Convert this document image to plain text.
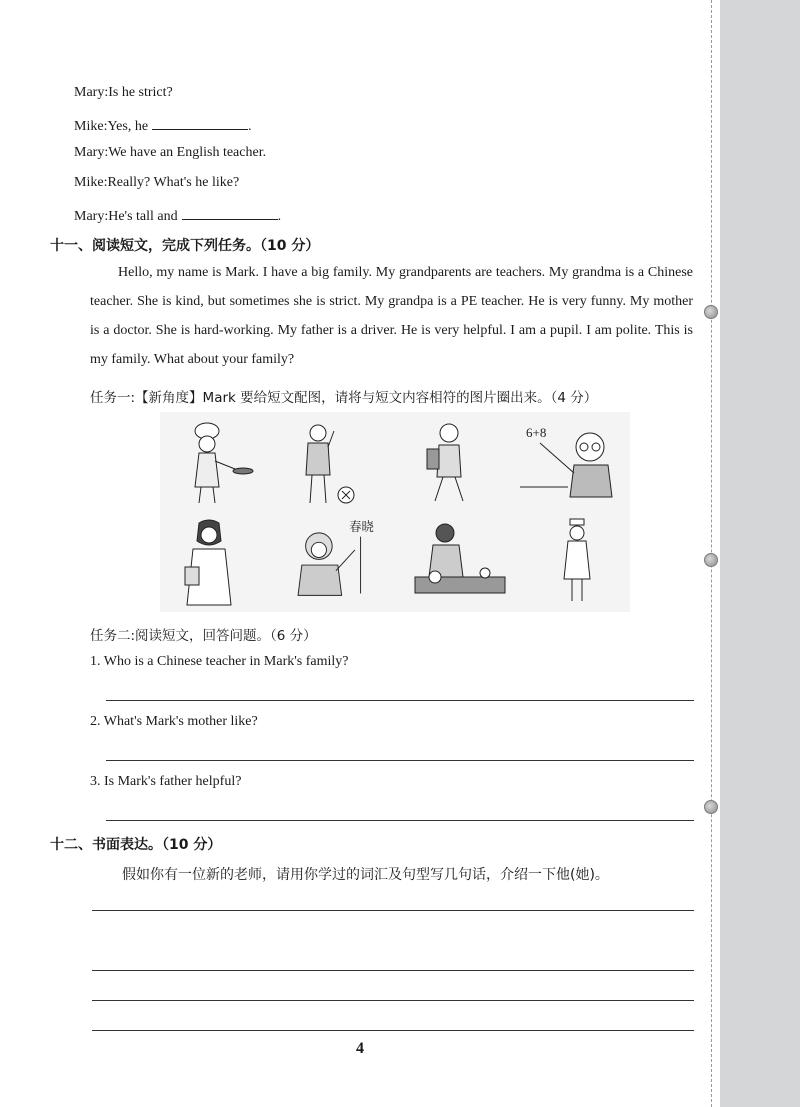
Mary:Is he strict?
Mike:Yes, he	.
Mary:We have an English teacher.
Mike:Really? What's he like?
Mary:He's tall and	.
十一、阅读短文，完成下列任务。（10 分）
Hello, my name is Mark. I have a big family. My grandparents are teachers. My grandma is a Chinese teacher. She is kind, but sometimes she is strict. My grandpa is a PE teacher. He is very funny. My mother is a doctor. She is hard-working. My father is a driver. He is very helpful. I am a pupil. I am polite. This is my family. What about your family?
任务一:【新角度】Mark 要给短文配图，请将与短文内容相符的图片圈出来。（4 分）
6+8
春晓
任务二:阅读短文，回答问题。（6 分）
1. Who is a Chinese teacher in Mark's family?
2. What's Mark's mother like?
3. Is Mark's father helpful?
十二、书面表达。（10 分）
假如你有一位新的老师，请用你学过的词汇及句型写几句话，介绍一下他(她)。
4
